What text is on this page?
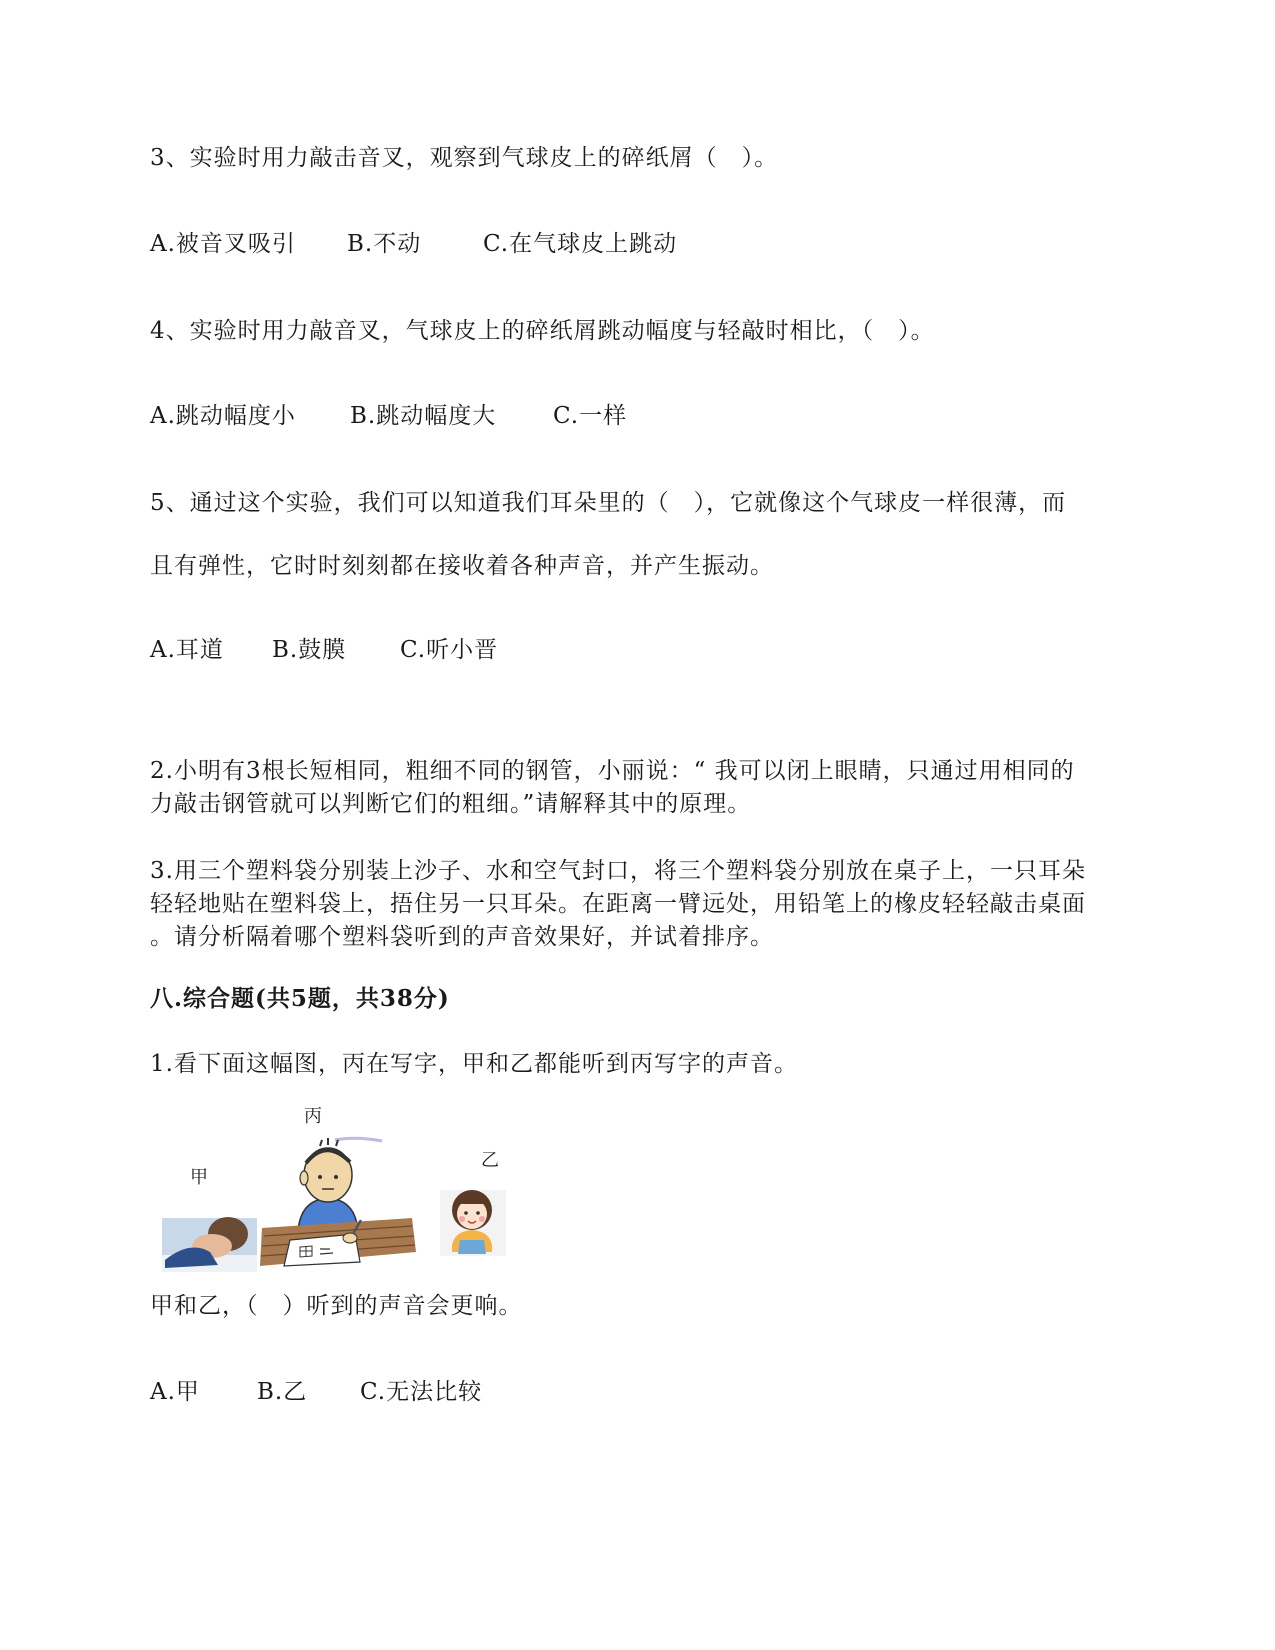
3、实验时用力敲击音叉，观察到气球皮上的碎纸屑（　）。
A.被音叉吸引 B.不动	C.在气球皮上跳动
4、实验时用力敲音叉，气球皮上的碎纸屑跳动幅度与轻敲时相比，（　）。
A.跳动幅度小 B.跳动幅度大 C.一样
5、通过这个实验，我们可以知道我们耳朵里的（　），它就像这个气球皮一样很薄，而
且有弹性，它时时刻刻都在接收着各种声音，并产生振动。
A.耳道 B.鼓膜 C.听小晋
2.小明有3根长短相同，粗细不同的钢管，小丽说：“ 我可以闭上眼睛，只通过用相同的
力敲击钢管就可以判断它们的粗细。”请解释其中的原理。
3.用三个塑料袋分别装上沙子、水和空气封口，将三个塑料袋分别放在桌子上，一只耳朵
轻轻地贴在塑料袋上，捂住另一只耳朵。在距离一臂远处，用铅笔上的橡皮轻轻敲击桌面
。请分析隔着哪个塑料袋听到的声音效果好，并试着排序。
八.综合题(共5题，共38分)
1.看下面这幅图，丙在写字，甲和乙都能听到丙写字的声音。
丙
甲
乙
甲和乙，（　）听到的声音会更响。
A.甲 B.乙 C.无法比较
